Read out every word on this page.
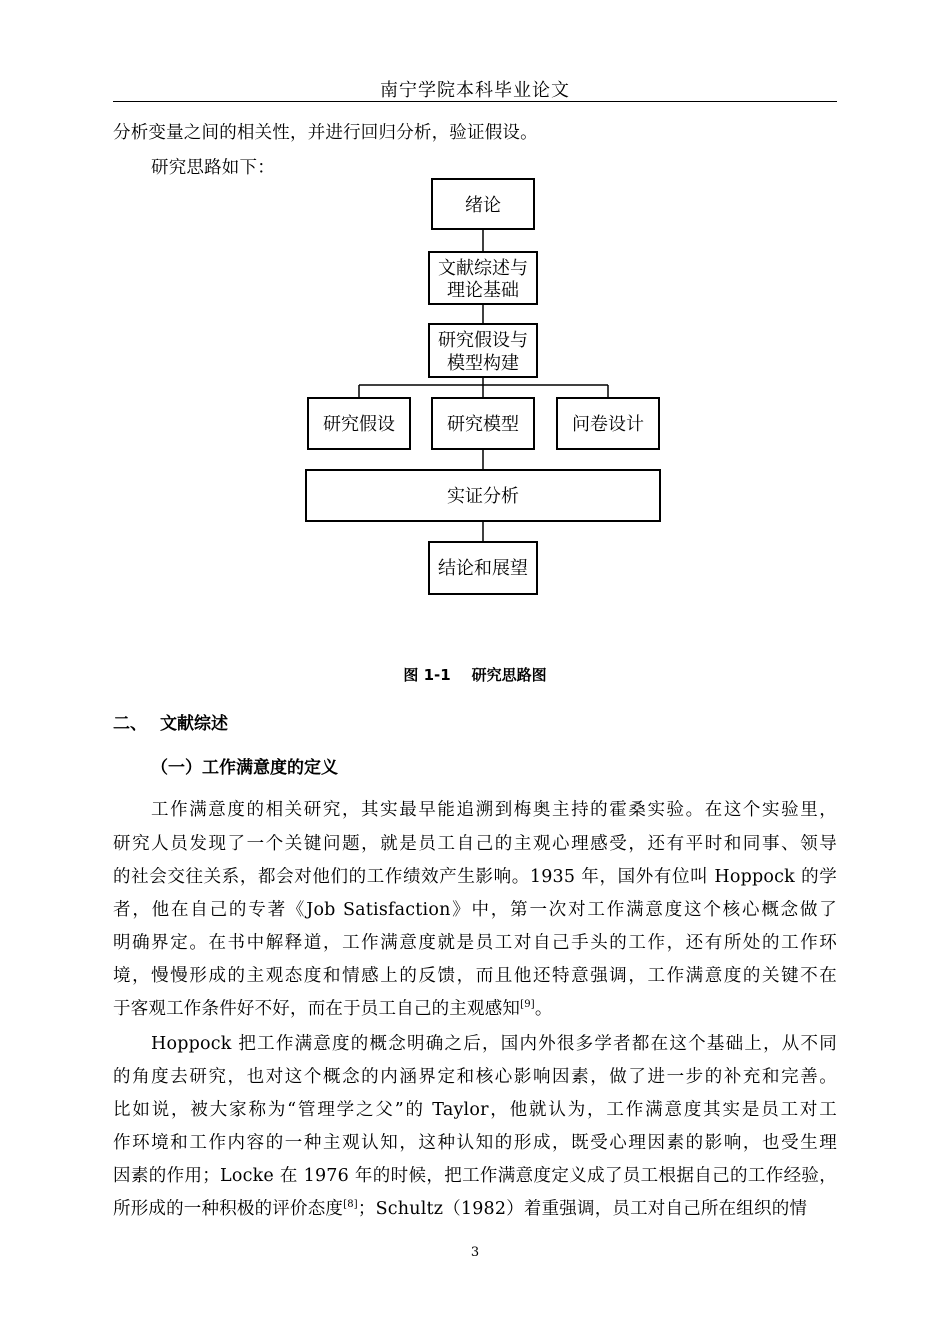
南宁学院本科毕业论文
分析变量之间的相关性，并进行回归分析，验证假设。
研究思路如下：
绪论
文献综述与
理论基础
研究假设与
模型构建
研究假设	研究模型	问卷设计
实证分析
结论和展望
图 1-1    研究思路图
二、 文献综述
（一）工作满意度的定义
工作满意度的相关研究，其实最早能追溯到梅奥主持的霍桑实验。在这个实验里，
研究人员发现了一个关键问题，就是员工自己的主观心理感受，还有平时和同事、领导
的社会交往关系，都会对他们的工作绩效产生影响。1935 年，国外有位叫 Hoppock 的学
者，他在自己的专著《Job Satisfaction》中，第一次对工作满意度这个核心概念做了
明确界定。在书中解释道，工作满意度就是员工对自己手头的工作，还有所处的工作环
境，慢慢形成的主观态度和情感上的反馈，而且他还特意强调，工作满意度的关键不在
于客观工作条件好不好，而在于员工自己的主观感知[9]。
Hoppock 把工作满意度的概念明确之后，国内外很多学者都在这个基础上，从不同
的角度去研究，也对这个概念的内涵界定和核心影响因素，做了进一步的补充和完善。
比如说，被大家称为“管理学之父”的 Taylor，他就认为，工作满意度其实是员工对工
作环境和工作内容的一种主观认知，这种认知的形成，既受心理因素的影响，也受生理
因素的作用；Locke 在 1976 年的时候，把工作满意度定义成了员工根据自己的工作经验，
所形成的一种积极的评价态度[8]；Schultz（1982）着重强调，员工对自己所在组织的情
3
